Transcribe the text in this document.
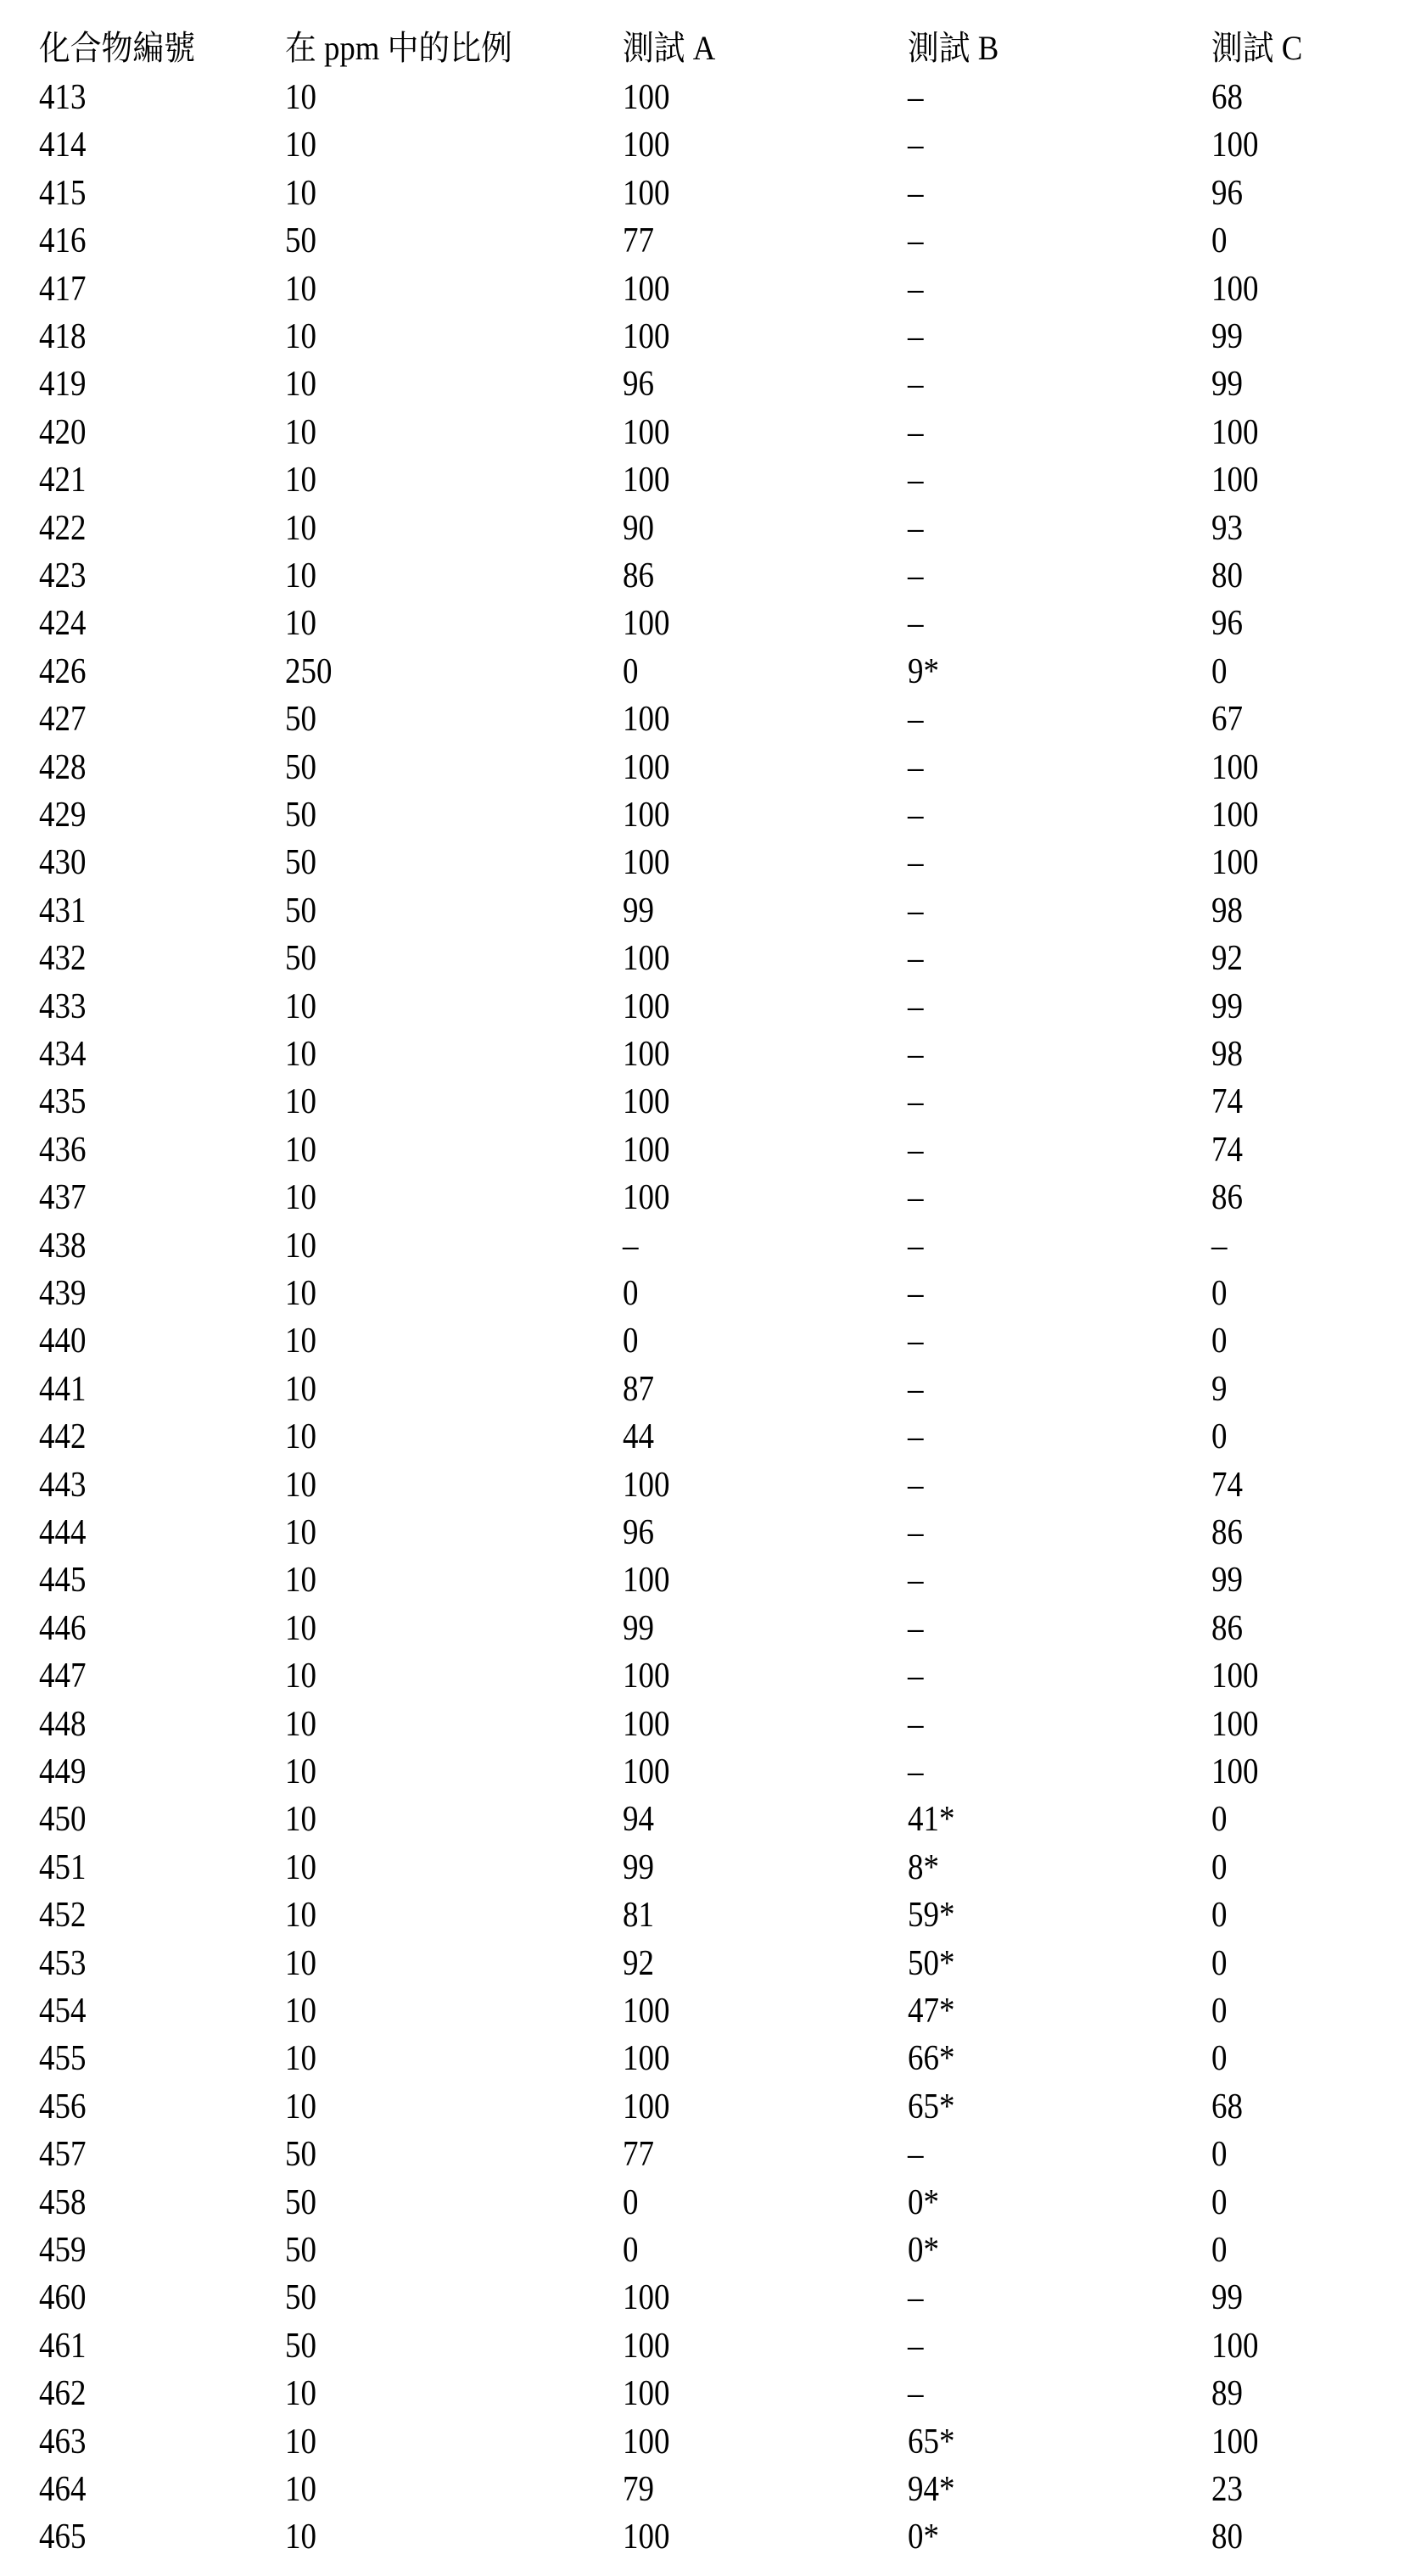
化合物編號	在 ppm 中的比例	測試 A	測試 B	測試 C
413	10	100	–	68
414	10	100	–	100
415	10	100	–	96
416	50	77	–	0
417	10	100	–	100
418	10	100	–	99
419	10	96	–	99
420	10	100	–	100
421	10	100	–	100
422	10	90	–	93
423	10	86	–	80
424	10	100	–	96
426	250	0	9*	0
427	50	100	–	67
428	50	100	–	100
429	50	100	–	100
430	50	100	–	100
431	50	99	–	98
432	50	100	–	92
433	10	100	–	99
434	10	100	–	98
435	10	100	–	74
436	10	100	–	74
437	10	100	–	86
438	10	–	–	–
439	10	0	–	0
440	10	0	–	0
441	10	87	–	9
442	10	44	–	0
443	10	100	–	74
444	10	96	–	86
445	10	100	–	99
446	10	99	–	86
447	10	100	–	100
448	10	100	–	100
449	10	100	–	100
450	10	94	41*	0
451	10	99	8*	0
452	10	81	59*	0
453	10	92	50*	0
454	10	100	47*	0
455	10	100	66*	0
456	10	100	65*	68
457	50	77	–	0
458	50	0	0*	0
459	50	0	0*	0
460	50	100	–	99
461	50	100	–	100
462	10	100	–	89
463	10	100	65*	100
464	10	79	94*	23
465	10	100	0*	80
